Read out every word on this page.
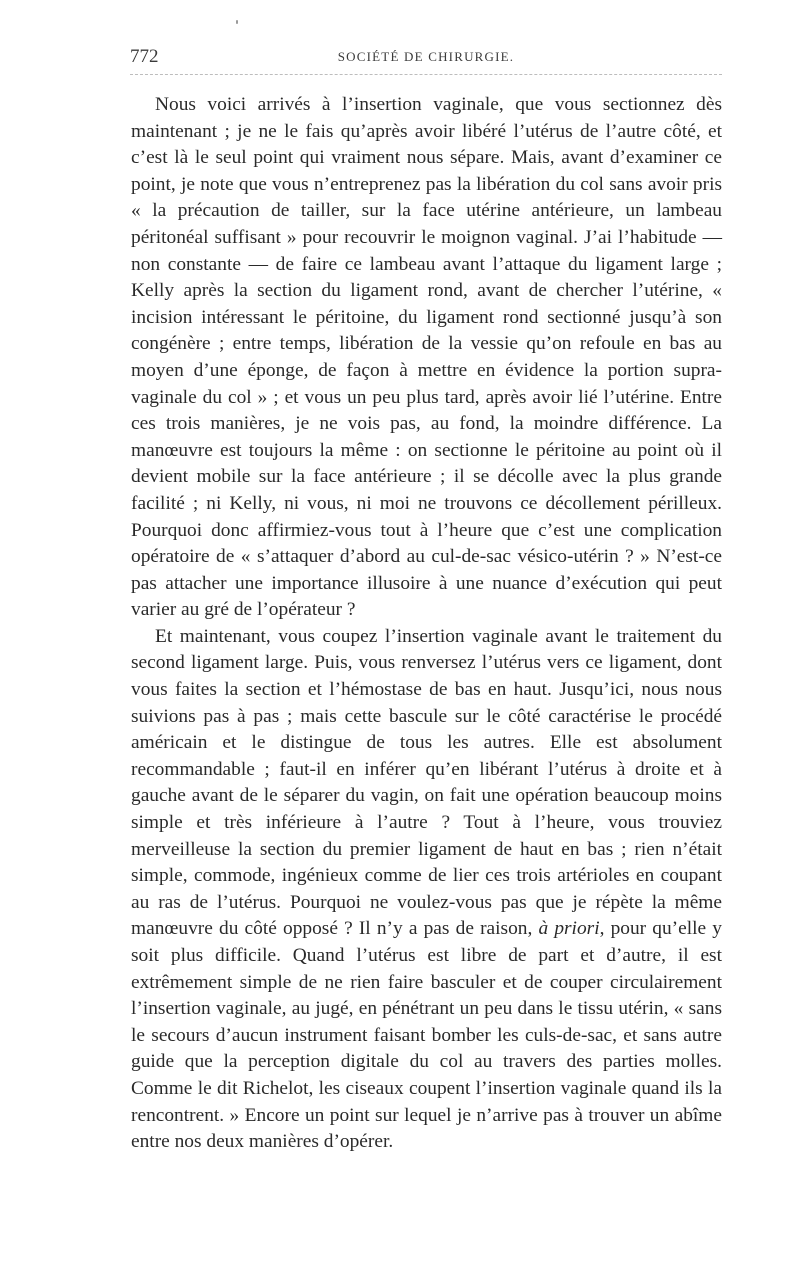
772	SOCIÉTÉ DE CHIRURGIE.

Nous voici arrivés à l’insertion vaginale, que vous sectionnez dès maintenant ; je ne le fais qu’après avoir libéré l’utérus de l’autre côté, et c’est là le seul point qui vraiment nous sépare. Mais, avant d’examiner ce point, je note que vous n’entreprenez pas la libération du col sans avoir pris « la précaution de tailler, sur la face utérine antérieure, un lambeau péritonéal suffisant » pour recouvrir le moignon vaginal. J’ai l’habitude — non constante — de faire ce lambeau avant l’attaque du ligament large ; Kelly après la section du ligament rond, avant de chercher l’utérine, « incision intéressant le péritoine, du ligament rond sectionné jusqu’à son congénère ; entre temps, libération de la vessie qu’on refoule en bas au moyen d’une éponge, de façon à mettre en évidence la portion supra-vaginale du col » ; et vous un peu plus tard, après avoir lié l’utérine. Entre ces trois manières, je ne vois pas, au fond, la moindre différence. La manœuvre est toujours la même : on sectionne le péritoine au point où il devient mobile sur la face antérieure ; il se décolle avec la plus grande facilité ; ni Kelly, ni vous, ni moi ne trouvons ce décollement périlleux. Pourquoi donc affirmiez-vous tout à l’heure que c’est une complication opératoire de « s’attaquer d’abord au cul-de-sac vésico-utérin ? » N’est-ce pas attacher une importance illusoire à une nuance d’exécution qui peut varier au gré de l’opérateur ?

Et maintenant, vous coupez l’insertion vaginale avant le traitement du second ligament large. Puis, vous renversez l’utérus vers ce ligament, dont vous faites la section et l’hémostase de bas en haut. Jusqu’ici, nous nous suivions pas à pas ; mais cette bascule sur le côté caractérise le procédé américain et le distingue de tous les autres. Elle est absolument recommandable ; faut-il en inférer qu’en libérant l’utérus à droite et à gauche avant de le séparer du vagin, on fait une opération beaucoup moins simple et très inférieure à l’autre ? Tout à l’heure, vous trouviez merveilleuse la section du premier ligament de haut en bas ; rien n’était simple, commode, ingénieux comme de lier ces trois artérioles en coupant au ras de l’utérus. Pourquoi ne voulez-vous pas que je répète la même manœuvre du côté opposé ? Il n’y a pas de raison, à priori, pour qu’elle y soit plus difficile. Quand l’utérus est libre de part et d’autre, il est extrêmement simple de ne rien faire basculer et de couper circulairement l’insertion vaginale, au jugé, en pénétrant un peu dans le tissu utérin, « sans le secours d’aucun instrument faisant bomber les culs-de-sac, et sans autre guide que la perception digitale du col au travers des parties molles. Comme le dit Richelot, les ciseaux coupent l’insertion vaginale quand ils la rencontrent. » Encore un point sur lequel je n’arrive pas à trouver un abîme entre nos deux manières d’opérer.
